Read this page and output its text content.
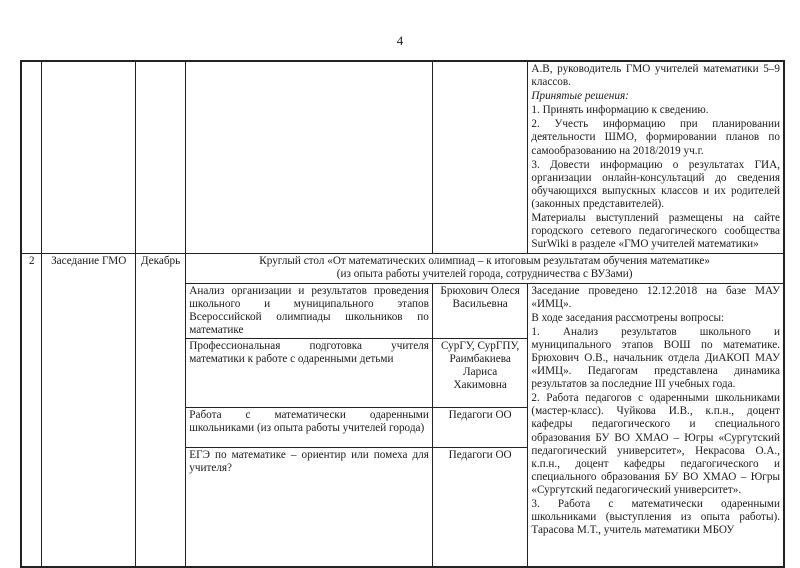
4

А.В, руководитель ГМО учителей математики 5–9 классов.

Принятые решения:

1. Принять информацию к сведению.

2. Учесть информацию при планировании деятельности ШМО, формировании планов по самообразованию на 2018/2019 уч.г.

3. Довести информацию о результатах ГИА, организации онлайн-консультаций до сведения обучающихся выпускных классов и их родителей (законных представителей).

Материалы выступлений размещены на сайте городского сетевого педагогического сообщества SurWiki в разделе «ГМО учителей математики»

2	Заседание ГМО	Декабрь	Круглый стол «От математических олимпиад – к итоговым результатам обучения математике»
(из опыта работы учителей города, сотрудничества с ВУЗами)		

			Анализ организации и результатов проведения школьного и муниципального этапов Всероссийской олимпиады школьников по математике	Брюхович Олеся Васильевна	Заседание проведено 12.12.2018 на базе МАУ «ИМЦ».

В ходе заседания рассмотрены вопросы:

1. Анализ результатов школьного и муниципального этапов ВОШ по математике. Брюхович О.В., начальник отдела ДиАКОП МАУ «ИМЦ». Педагогам представлена динамика результатов за последние III учебных года.

2. Работа педагогов с одаренными школьниками (мастер-класс). Чуйкова И.В., к.п.н., доцент кафедры педагогического и специального образования БУ ВО ХМАО – Югры «Сургутский педагогический университет», Некрасова О.А., к.п.н., доцент кафедры педагогического и специального образования БУ ВО ХМАО – Югры «Сургутский педагогический университет».

3. Работа с математически одаренными школьниками (выступления из опыта работы). Тарасова М.Т., учитель математики МБОУ

			Профессиональная подготовка учителя математики к работе с одаренными детьми	СурГУ, СурГПУ, Раимбакиева Лариса Хакимовна	
			Работа с математически одаренными школьниками (из опыта работы учителей города)	Педагоги ОО	
			ЕГЭ по математике – ориентир или помеха для учителя?	Педагоги ОО	
